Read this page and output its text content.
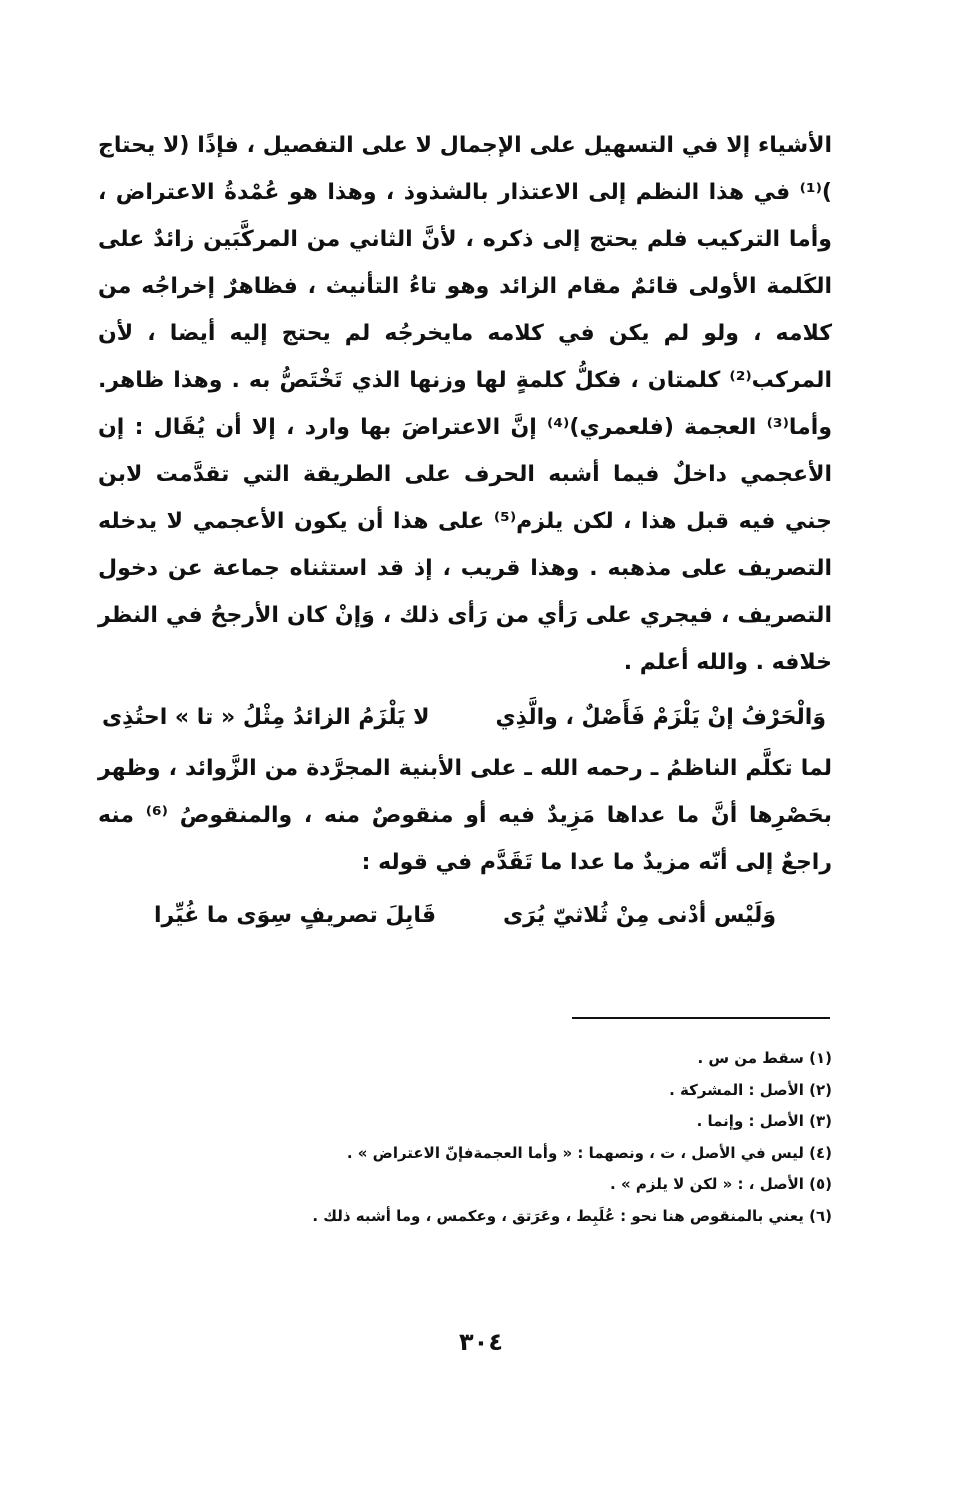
الأشياء إلا في التسهيل على الإجمال لا على التفصيل ، فإذًا (لا يحتاج )⁽¹⁾ في هذا النظم إلى الاعتذار بالشذوذ ، وهذا هو عُمْدةُ الاعتراض ، وأما التركيب فلم يحتج إلى ذكره ، لأنَّ الثاني من المركَّبَين زائدٌ على الكَلمة الأولى قائمٌ مقام الزائد وهو تاءُ التأنيث ، فظاهرٌ إخراجُه من كلامه ، ولو لم يكن في كلامه مايخرجُه لم يحتج إليه أيضا ، لأن المركب⁽²⁾ كلمتان ، فكلُّ كلمةٍ لها وزنها الذي تَخْتَصُّ به . وهذا ظاهر. وأما⁽³⁾ العجمة (فلعمري)⁽⁴⁾ إنَّ الاعتراضَ بها وارد ، إلا أن يُقَال : إن الأعجمي داخلٌ فيما أشبه الحرف على الطريقة التي تقدَّمت لابن جني فيه قبل هذا ، لكن يلزم⁽⁵⁾ على هذا أن يكون الأعجمي لا يدخله التصريف على مذهبه . وهذا قريب ، إذ قد استثناه جماعة عن دخول التصريف ، فيجري على رَأي من رَأى ذلك ، وَإنْ كان الأرجحُ في النظر خلافه . والله أعلم .

وَالْحَرْفُ إنْ يَلْزَمْ فَأَصْلٌ ، والَّذِي
لا يَلْزَمُ الزائدُ مِثْلُ « تا » احتُذِى

لما تكلَّم الناظمُ ـ رحمه الله ـ على الأبنية المجرَّدة من الزَّوائد ، وظهر بحَصْرِها أنَّ ما عداها مَزِيدٌ فيه أو منقوصٌ منه ، والمنقوصُ ⁽⁶⁾ منه راجعٌ إلى أنّه مزيدٌ ما عدا ما تَقَدَّم في قوله :

وَلَيْس أدْنى مِنْ ثُلاثيّ يُرَى
قَابِلَ تصريفٍ سِوَى ما غُيِّرا
(١) سقط من س .
(٢) الأصل : المشركة .
(٣) الأصل : وإنما .
(٤) ليس في الأصل ، ت ، ونصهما : « وأما العجمةفإنّ الاعتراض » .
(٥) الأصل ، : « لكن لا يلزم » .
(٦) يعني بالمنقوص هنا نحو : عُلَبِط ، وعَرَتق ، وعكمس ، وما أشبه ذلك .
٣٠٤
